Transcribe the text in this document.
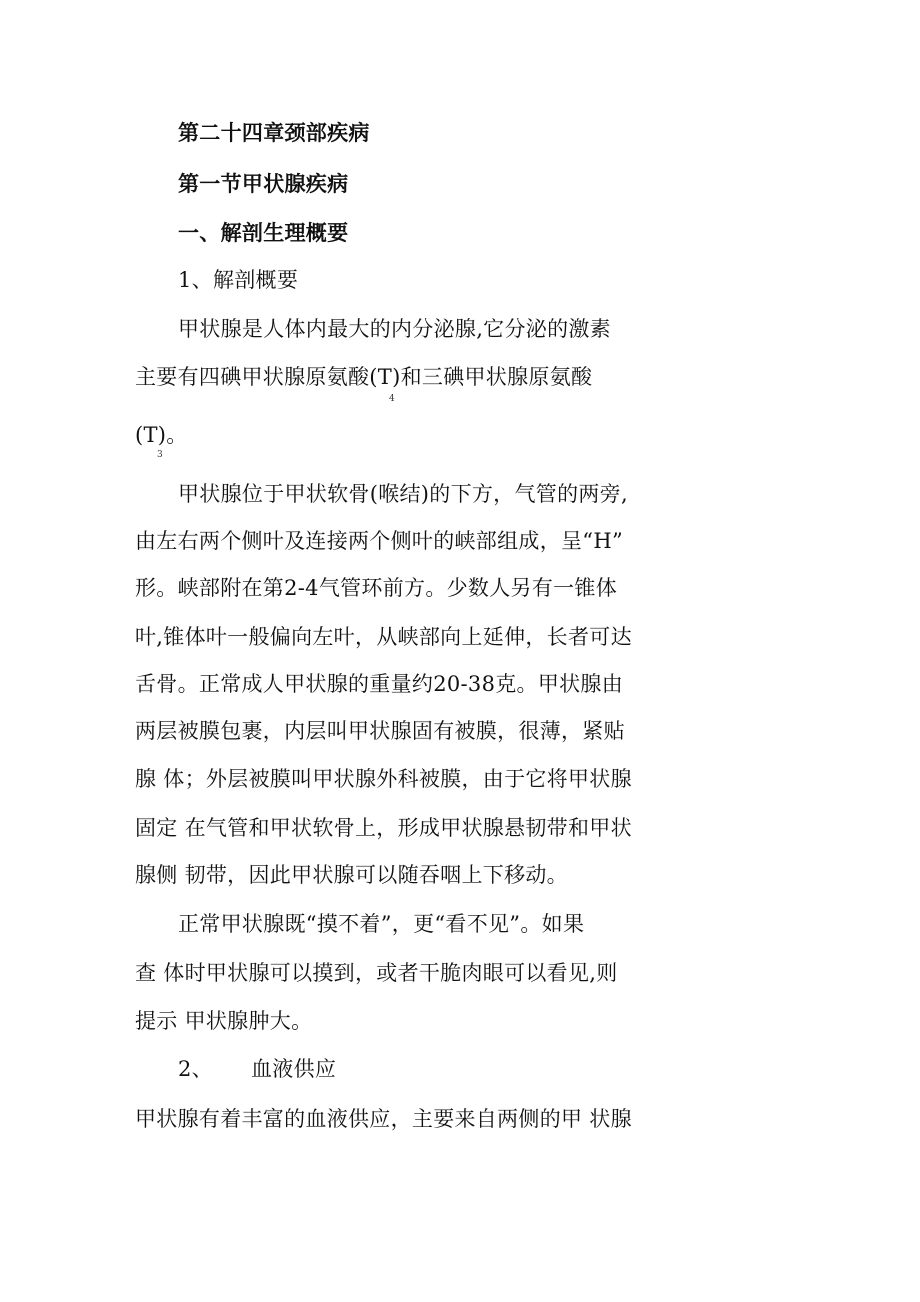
第二十四章颈部疾病
第一节甲状腺疾病
一、解剖生理概要
1、解剖概要
甲状腺是人体内最大的内分泌腺,它分泌的激素
主要有四碘甲状腺原氨酸(T)和三碘甲状腺原氨酸
4
(T)。
3
甲状腺位于甲状软骨(喉结)的下方，气管的两旁,
由左右两个侧叶及连接两个侧叶的峡部组成，呈“H”
形。峡部附在第2-4气管环前方。少数人另有一锥体
叶,锥体叶一般偏向左叶，从峡部向上延伸，长者可达
舌骨。正常成人甲状腺的重量约20-38克。甲状腺由
两层被膜包裹，内层叫甲状腺固有被膜，很薄，紧贴
腺 体；外层被膜叫甲状腺外科被膜，由于它将甲状腺
固定 在气管和甲状软骨上，形成甲状腺悬韧带和甲状
腺侧 韧带，因此甲状腺可以随吞咽上下移动。
正常甲状腺既“摸不着”，更“看不见”。如果
查 体时甲状腺可以摸到，或者干脆肉眼可以看见,则
提示 甲状腺肿大。
2、 血液供应
甲状腺有着丰富的血液供应，主要来自两侧的甲 状腺
